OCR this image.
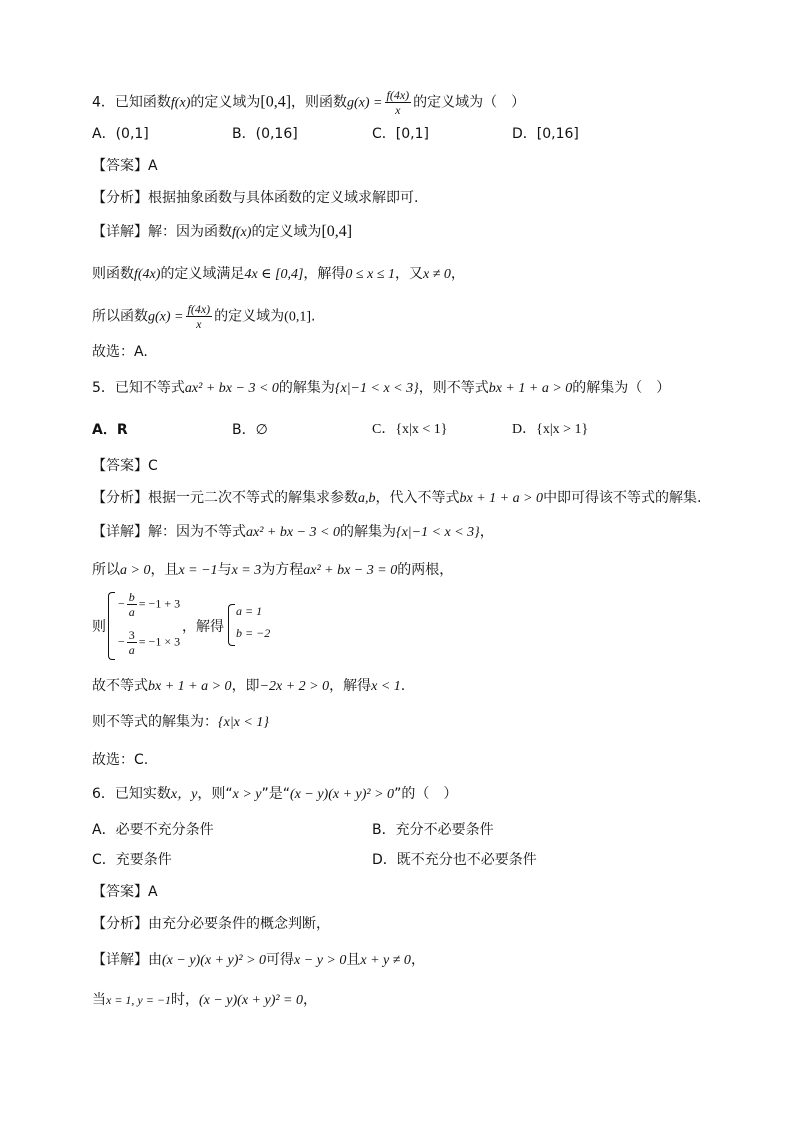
4．已知函数f(x)的定义域为[0,4]，则函数$g(x) = \frac{f(4x)}{x}$ 的定义域为（　）
A．(0,1]	B．(0,16]	C．[0,1]	D．[0,16]
【答案】A
【分析】根据抽象函数与具体函数的定义域求解即可.
【详解】解：因为函数f(x)的定义域为[0,4]
则函数f(4x)的定义域满足4x ∈ [0,4]，解得0 ≤ x ≤ 1，又x ≠ 0，
所以函数$g(x) = \frac{f(4x)}{x}$ 的定义域为(0,1].
故选：A.
5．已知不等式ax² + bx − 3 < 0的解集为{x|−1 < x < 3}，则不等式bx + 1 + a > 0的解集为（　）
A．R	B．∅	C．{x|x < 1}	D．{x|x > 1}
【答案】C
【分析】根据一元二次不等式的解集求参数a,b，代入不等式bx + 1 + a > 0中即可得该不等式的解集.
【详解】解：因为不等式ax² + bx − 3 < 0的解集为{x|−1 < x < 3}，
所以a > 0，且x = −1与x = 3为方程ax² + bx − 3 = 0的两根，
则
− $\frac{b}{a} = -1 + 3$
− $\frac{3}{a} = -1 \times 3$
，解得
a = 1
b = −2
故不等式bx + 1 + a > 0，即−2x + 2 > 0，解得x < 1.
则不等式的解集为：{x|x < 1}
故选：C.
6．已知实数x，y，则“x > y”是“(x − y)(x + y)² > 0”的（　）
A．必要不充分条件	B．充分不必要条件
C．充要条件	D．既不充分也不必要条件
【答案】A
【分析】由充分必要条件的概念判断，
【详解】由(x − y)(x + y)² > 0可得x − y > 0且x + y ≠ 0，
当x = 1, y = −1时，(x − y)(x + y)² = 0，
